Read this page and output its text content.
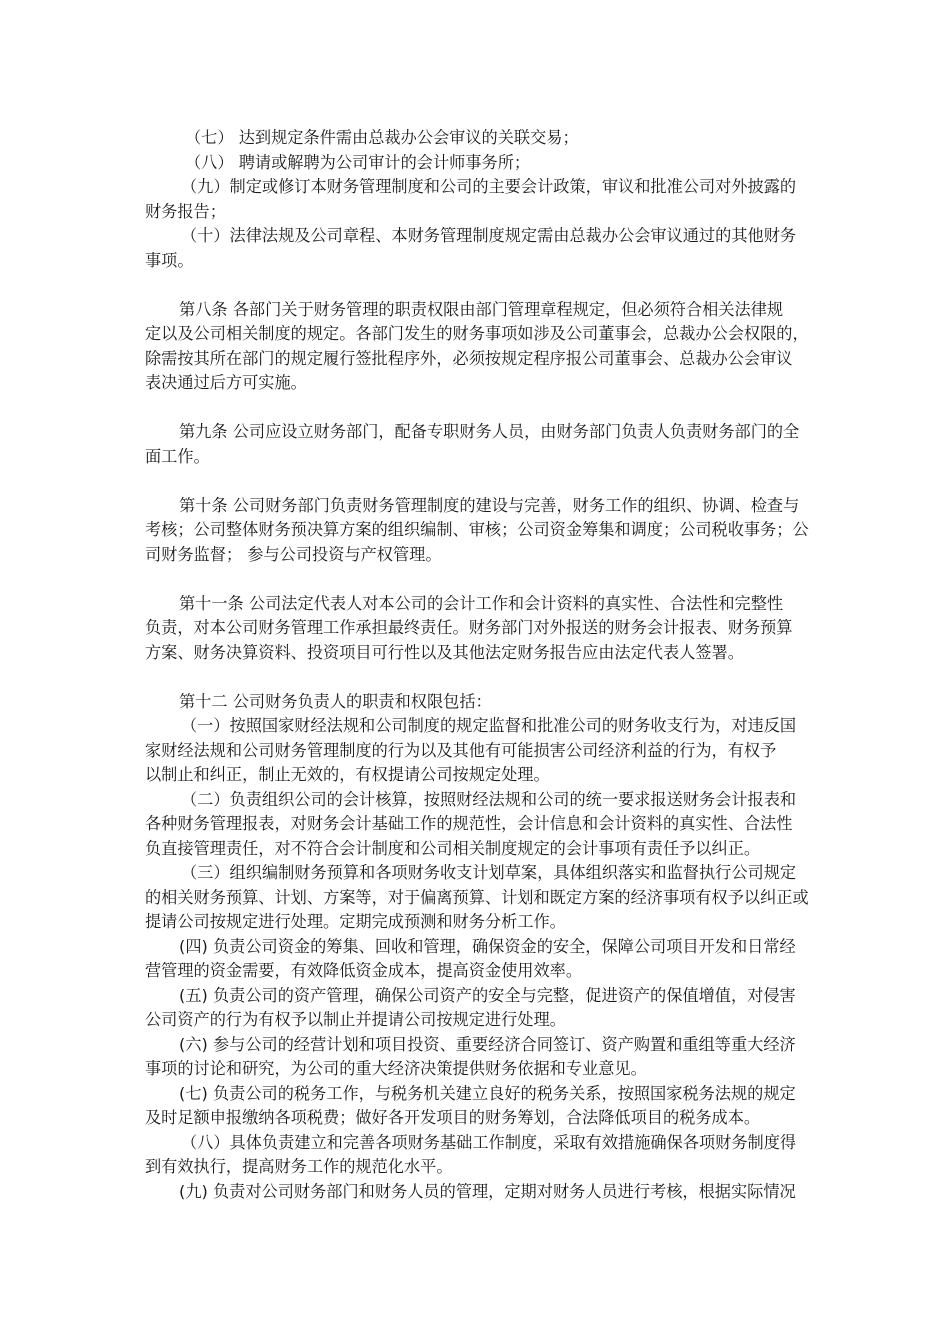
（七） 达到规定条件需由总裁办公会审议的关联交易；
（八） 聘请或解聘为公司审计的会计师事务所；
（九）制定或修订本财务管理制度和公司的主要会计政策，审议和批准公司对外披露的
财务报告；
（十）法律法规及公司章程、本财务管理制度规定需由总裁办公会审议通过的其他财务
事项。
第八条 各部门关于财务管理的职责权限由部门管理章程规定，但必须符合相关法律规
定以及公司相关制度的规定。各部门发生的财务事项如涉及公司董事会，总裁办公会权限的，
除需按其所在部门的规定履行签批程序外，必须按规定程序报公司董事会、总裁办公会审议
表决通过后方可实施。
第九条 公司应设立财务部门，配备专职财务人员，由财务部门负责人负责财务部门的全
面工作。
第十条 公司财务部门负责财务管理制度的建设与完善，财务工作的组织、协调、检查与
考核；公司整体财务预决算方案的组织编制、审核；公司资金筹集和调度；公司税收事务；公
司财务监督； 参与公司投资与产权管理。
第十一条 公司法定代表人对本公司的会计工作和会计资料的真实性、合法性和完整性
负责，对本公司财务管理工作承担最终责任。财务部门对外报送的财务会计报表、财务预算
方案、财务决算资料、投资项目可行性以及其他法定财务报告应由法定代表人签署。
第十二 公司财务负责人的职责和权限包括：
（一）按照国家财经法规和公司制度的规定监督和批准公司的财务收支行为，对违反国
家财经法规和公司财务管理制度的行为以及其他有可能损害公司经济利益的行为，有权予
以制止和纠正，制止无效的，有权提请公司按规定处理。
（二）负责组织公司的会计核算，按照财经法规和公司的统一要求报送财务会计报表和
各种财务管理报表，对财务会计基础工作的规范性，会计信息和会计资料的真实性、合法性
负直接管理责任，对不符合会计制度和公司相关制度规定的会计事项有责任予以纠正。
（三）组织编制财务预算和各项财务收支计划草案，具体组织落实和监督执行公司规定
的相关财务预算、计划、方案等，对于偏离预算、计划和既定方案的经济事项有权予以纠正或
提请公司按规定进行处理。定期完成预测和财务分析工作。
(四) 负责公司资金的筹集、回收和管理，确保资金的安全，保障公司项目开发和日常经
营管理的资金需要，有效降低资金成本，提高资金使用效率。
(五) 负责公司的资产管理，确保公司资产的安全与完整，促进资产的保值增值，对侵害
公司资产的行为有权予以制止并提请公司按规定进行处理。
(六) 参与公司的经营计划和项目投资、重要经济合同签订、资产购置和重组等重大经济
事项的讨论和研究，为公司的重大经济决策提供财务依据和专业意见。
(七) 负责公司的税务工作，与税务机关建立良好的税务关系，按照国家税务法规的规定
及时足额申报缴纳各项税费；做好各开发项目的财务筹划，合法降低项目的税务成本。
（八）具体负责建立和完善各项财务基础工作制度，采取有效措施确保各项财务制度得
到有效执行，提高财务工作的规范化水平。
(九) 负责对公司财务部门和财务人员的管理，定期对财务人员进行考核，根据实际情况
